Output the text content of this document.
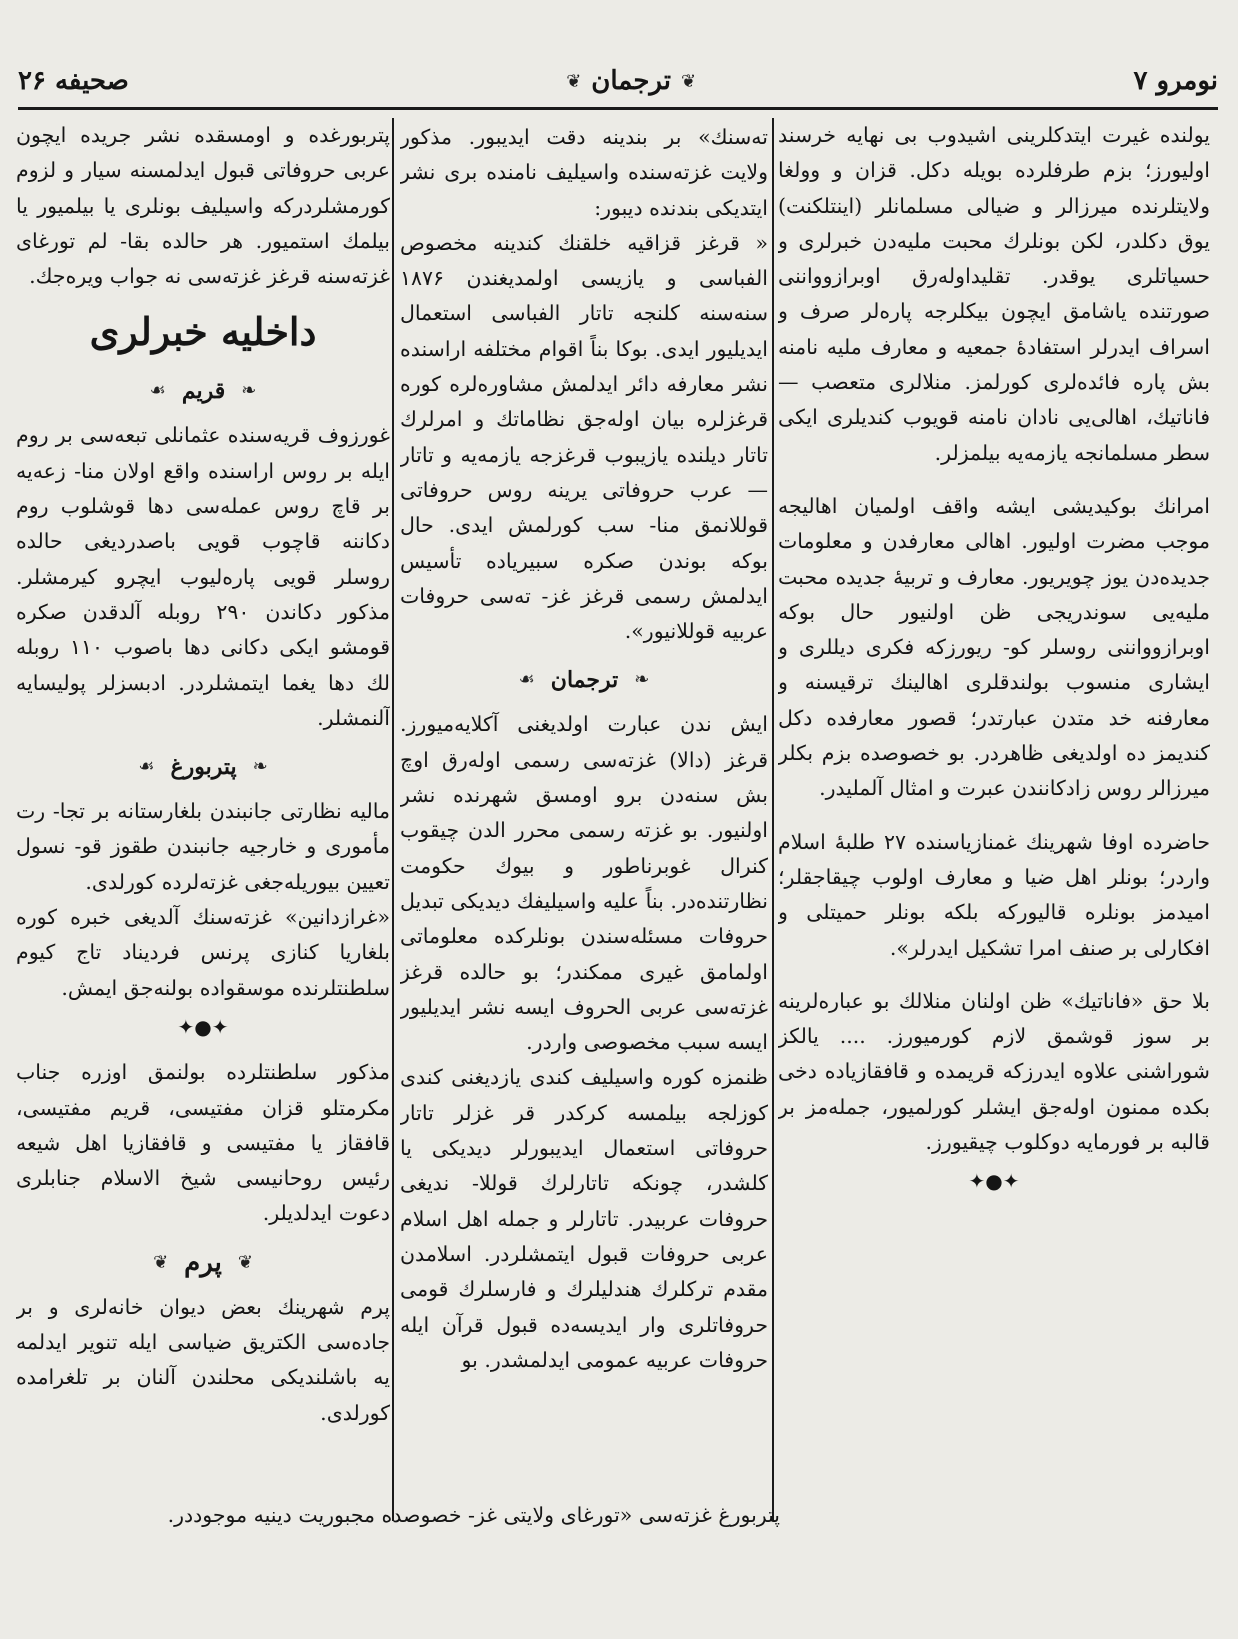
نومرو ۷
❦
ترجمان
❦
صحیفه ۲۶

یولنده غیرت ایتدکلرینی اشیدوب بی نهایه خرسند اولیورز؛ بزم طرفلرده بویله دکل. قزان و وولغا ولایتلرنده میرزالر و ضیالی مسلمانلر (اینتلکنت) یوق دکلدر، لکن بونلرك محبت ملیه‌دن خبرلری و حسیاتلری یوقدر. تقلیداوله‌رق اوبرازوواننی صورتنده یاشامق ایچون بیکلرجه پاره‌لر صرف و اسراف ایدرلر استفادهٔ جمعیه و معارف ملیه نامنه بش پاره فائده‌لری کورلمز. منلالری متعصب — فاناتیك، اهالی‌یی نادان نامنه قویوب کندیلری ایکی سطر مسلمانجه یازمه‌یه بیلمزلر.

امرانك بوکیدیشی ایشه واقف اولمیان اهالیجه موجب مضرت اولیور. اهالی معارفدن و معلومات جدیده‌دن یوز چویریور. معارف و تربیهٔ جدیده محبت ملیه‌یی سوندریجی ظن اولنیور حال بوکه اوبرازوواننی روسلر کو- ریورزکه فکری دیللری و ایشاری منسوب بولندقلری اهالینك ترقیسنه و معارفنه خد متدن عبارتدر؛ قصور معارفده دکل کندیمز ده اولدیغی ظاهردر. بو خصوصده بزم بکلر میرزالر روس زادکانندن عبرت و امثال آلملیدر.

حاضرده اوفا شهرینك غمنازیاسنده ۲۷ طلبهٔ اسلام واردر؛ بونلر اهل ضیا و معارف اولوب چیقاجقلر؛ امیدمز بونلره قالیورکه بلکه بونلر حمیتلی و افکارلی بر صنف امرا تشکیل ایدرلر».

بلا حق «فاناتیك» ظن اولنان منلالك بو عباره‌لرینه بر سوز قوشمق لازم کورمیورز. .... یالکز شوراشنی علاوه ایدرزکه قریمده و قافقازیاده دخی بکده ممنون اوله‌جق ایشلر کورلمیور، جمله‌مز بر قالبه بر فورمایه دوکلوب چیقیورز.

✦●✦

تەسنك» بر بندینه دقت ایدیبور. مذکور ولایت غزته‌سنده واسیلیف نامنده بری نشر ایتدیکی بندنده دیبور:

« قرغز قزاقیه خلقنك کندینه مخصوص الفباسی و یازیسی اولمدیغندن ۱۸۷۶ سنه‌سنه کلنجه تاتار الفباسی استعمال ایدیلیور ایدی. بوکا بناً اقوام مختلفه اراسنده نشر معارفه دائر ایدلمش مشاوره‌لره کوره قرغزلره بیان اوله‌جق نظاماتك و امرلرك تاتار دیلنده یازیبوب قرغزجه یازمه‌یه و تاتار — عرب حروفاتی یرینه روس حروفاتی قوللانمق منا- سب کورلمش ایدی. حال بوکه بوندن صکره سبیریاده تأسیس ایدلمش رسمی قرغز غز- ته‌سی حروفات عربیه قوللانیور».

❧
ترجمان
☙

ایش ندن عبارت اولدیغنی آکلایه‌میورز. قرغز (دالا) غزته‌سی رسمی اوله‌رق اوچ بش سنه‌دن برو اومسق شهرنده نشر اولنیور. بو غزته رسمی محرر الدن چیقوب کنرال غوبرناطور و بیوك حکومت نظارتنده‌در. بناً علیه واسیلیفك دیدیکی تبدیل حروفات مسئله‌سندن بونلرکده معلوماتی اولمامق غیری ممکندر؛ بو حالده قرغز غزته‌سی عربی الحروف ایسه‌ نشر ایدیلیور ایسه سبب مخصوصی واردر.

ظنمزه کوره واسیلیف کندی یازدیغنی کندی کوزلجه بیلمسه کرکدر قر غزلر تاتار حروفاتی استعمال ایدیبورلر دیدیکی یا کلشدر، چونکه تاتارلرك قوللا- ندیغی حروفات عربیدر. تاتارلر و جمله اهل اسلام عربی حروفات قبول ایتمشلردر. اسلامدن مقدم ترکلرك هندلیلرك و فارسلرك قومی حروفاتلری وار ایدیسه‌ده قبول قرآن ایله حروفات عربیه عمومی ایدلمشدر. بو

پتربورغده و اومسقده نشر جریده ایچون عربی حروفاتی قبول ایدلمسنه سیار و لزوم کورمشلردرکه واسیلیف بونلری یا بیلمیور یا بیلمك استمیور. هر حالده بقا- لم تورغای غزته‌سنه قرغز غزته‌سی نه جواب ویره‌جك.

داخلیه خبرلری
❧
قریم
☙

غورزوف قریه‌سنده عثمانلی تبعه‌سی بر روم ایله بر روس اراسنده واقع اولان منا- زعه‌یه بر قاچ روس عمله‌سی دها قوشلوب روم دکاننه قاچوب قویی باصدردیغی حالده روسلر قویی پاره‌لیوب ایچرو کیرمشلر. مذکور دکاندن ۲۹۰ روبله آلدقدن صکره قومشو ایکی دکانی دها باصوب ۱۱۰ روبله لك دها یغما ایتمشلردر. ادبسزلر پولیسایه آلنمشلر.

❧
پتربورغ
☙

مالیه نظارتی جانبندن بلغارستانه بر تجا- رت مأموری و خارجیه جانبندن طقوز قو- نسول تعیین بیوریله‌جغی غزته‌لرده کورلدی.

«غرازدانین» غزته‌سنك آلدیغی خبره کوره بلغاریا کنازی پرنس فردیناد تاج کیوم سلطنتلرنده موسقواده بولنه‌جق ایمش.

✦●✦

مذکور سلطنتلرده بولنمق اوزره جناب مکرمتلو قزان مفتیسی، قریم مفتیسی، قافقاز یا مفتیسی و قافقازیا اهل شیعه رئیس روحانیسی شیخ الاسلام جنابلری دعوت ایدلدیلر.

❦
پرم
❦

پرم شهرینك بعض دیوان خانه‌لری و بر جاده‌سی الکتریق ضیاسی ایله تنویر ایدلمه یه باشلندیکی محلندن آلنان بر تلغرامده کورلدی.

پتربورغ غزته‌سی «تورغای ولایتی غز- خصوصده مجبوریت دینیه موجوددر.
